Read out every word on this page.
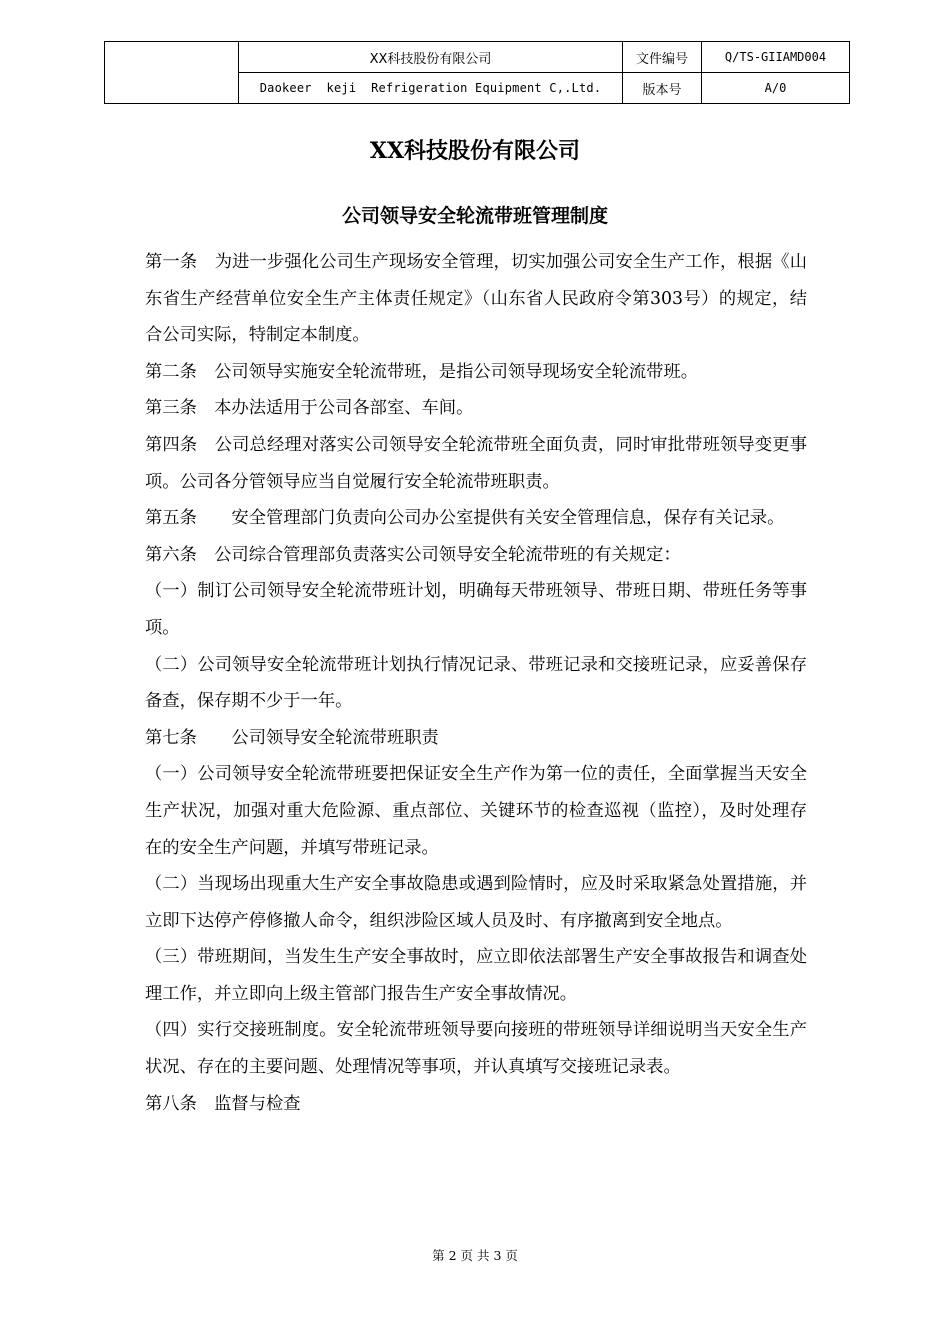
	XX科技股份有限公司	文件编号	Q/TS-GIIAMD004
	Daokeer  keji  Refrigeration Equipment C,.Ltd.	版本号	A/0
XX科技股份有限公司
公司领导安全轮流带班管理制度

第一条　为进一步强化公司生产现场安全管理，切实加强公司安全生产工作，根据《山东省生产经营单位安全生产主体责任规定》（山东省人民政府令第303号）的规定，结合公司实际，特制定本制度。

第二条　公司领导实施安全轮流带班，是指公司领导现场安全轮流带班。

第三条　本办法适用于公司各部室、车间。

第四条　公司总经理对落实公司领导安全轮流带班全面负责，同时审批带班领导变更事项。公司各分管领导应当自觉履行安全轮流带班职责。

第五条　　安全管理部门负责向公司办公室提供有关安全管理信息，保存有关记录。

第六条　公司综合管理部负责落实公司领导安全轮流带班的有关规定：

（一）制订公司领导安全轮流带班计划，明确每天带班领导、带班日期、带班任务等事项。

（二）公司领导安全轮流带班计划执行情况记录、带班记录和交接班记录，应妥善保存备查，保存期不少于一年。

第七条　　公司领导安全轮流带班职责

（一）公司领导安全轮流带班要把保证安全生产作为第一位的责任，全面掌握当天安全生产状况，加强对重大危险源、重点部位、关键环节的检查巡视（监控），及时处理存在的安全生产问题，并填写带班记录。

（二）当现场出现重大生产安全事故隐患或遇到险情时，应及时采取紧急处置措施，并立即下达停产停修撤人命令，组织涉险区域人员及时、有序撤离到安全地点。

（三）带班期间，当发生生产安全事故时，应立即依法部署生产安全事故报告和调查处理工作，并立即向上级主管部门报告生产安全事故情况。

（四）实行交接班制度。安全轮流带班领导要向接班的带班领导详细说明当天安全生产状况、存在的主要问题、处理情况等事项，并认真填写交接班记录表。

第八条　监督与检查

第 2 页 共 3 页
